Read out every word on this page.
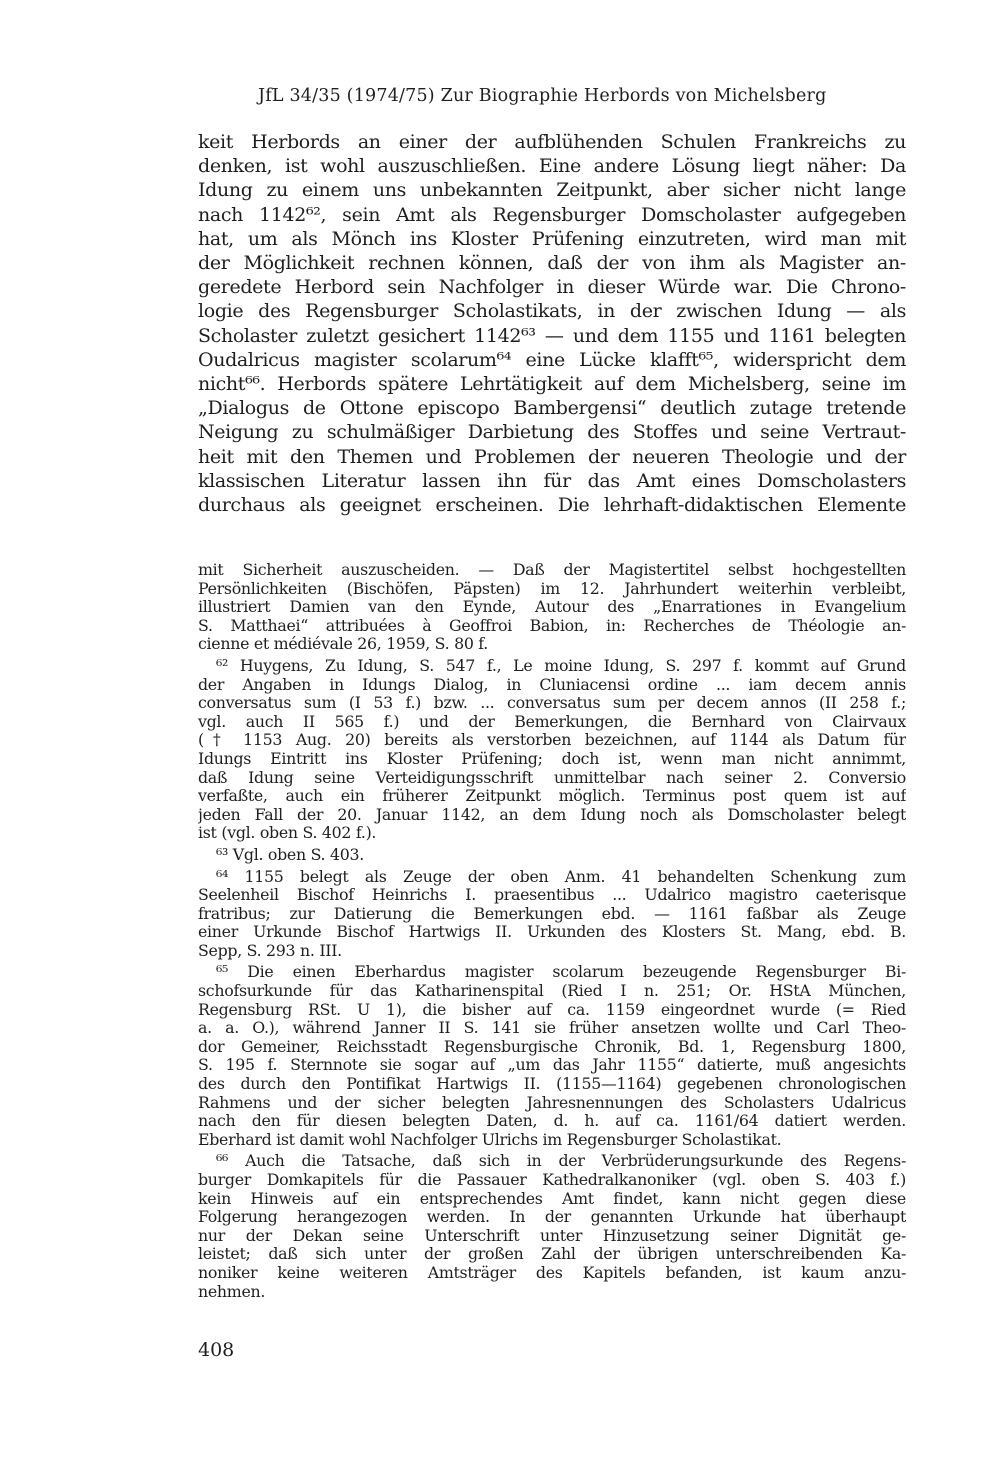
JfL 34/35 (1974/75) Zur Biographie Herbords von Michelsberg
keit Herbords an einer der aufblühenden Schulen Frankreichs zu
denken, ist wohl auszuschließen. Eine andere Lösung liegt näher: Da
Idung zu einem uns unbekannten Zeitpunkt, aber sicher nicht lange
nach 1142⁶², sein Amt als Regensburger Domscholaster aufgegeben
hat, um als Mönch ins Kloster Prüfening einzutreten, wird man mit
der Möglichkeit rechnen können, daß der von ihm als Magister an-
geredete Herbord sein Nachfolger in dieser Würde war. Die Chrono-
logie des Regensburger Scholastikats, in der zwischen Idung — als
Scholaster zuletzt gesichert 1142⁶³ — und dem 1155 und 1161 belegten
Oudalricus magister scolarum⁶⁴ eine Lücke klafft⁶⁵, widerspricht dem
nicht⁶⁶. Herbords spätere Lehrtätigkeit auf dem Michelsberg, seine im
„Dialogus de Ottone episcopo Bambergensi“ deutlich zutage tretende
Neigung zu schulmäßiger Darbietung des Stoffes und seine Vertraut-
heit mit den Themen und Problemen der neueren Theologie und der
klassischen Literatur lassen ihn für das Amt eines Domscholasters
durchaus als geeignet erscheinen. Die lehrhaft-didaktischen Elemente
mit Sicherheit auszuscheiden. — Daß der Magistertitel selbst hochgestellten
Persönlichkeiten (Bischöfen, Päpsten) im 12. Jahrhundert weiterhin verbleibt,
illustriert Damien van den Eynde, Autour des „Enarrationes in Evangelium
S. Matthaei“ attribuées à Geoffroi Babion, in: Recherches de Théologie an-
cienne et médiévale 26, 1959, S. 80 f.
⁶² Huygens, Zu Idung, S. 547 f., Le moine Idung, S. 297 f. kommt auf Grund
der Angaben in Idungs Dialog, in Cluniacensi ordine ... iam decem annis
conversatus sum (I 53 f.) bzw. ... conversatus sum per decem annos (II 258 f.;
vgl. auch II 565 f.) und der Bemerkungen, die Bernhard von Clairvaux
(† 1153 Aug. 20) bereits als verstorben bezeichnen, auf 1144 als Datum für
Idungs Eintritt ins Kloster Prüfening; doch ist, wenn man nicht annimmt,
daß Idung seine Verteidigungsschrift unmittelbar nach seiner 2. Conversio
verfaßte, auch ein früherer Zeitpunkt möglich. Terminus post quem ist auf
jeden Fall der 20. Januar 1142, an dem Idung noch als Domscholaster belegt
ist (vgl. oben S. 402 f.).
⁶³ Vgl. oben S. 403.
⁶⁴ 1155 belegt als Zeuge der oben Anm. 41 behandelten Schenkung zum
Seelenheil Bischof Heinrichs I. praesentibus ... Udalrico magistro caeterisque
fratribus; zur Datierung die Bemerkungen ebd. — 1161 faßbar als Zeuge
einer Urkunde Bischof Hartwigs II. Urkunden des Klosters St. Mang, ebd. B.
Sepp, S. 293 n. III.
⁶⁵ Die einen Eberhardus magister scolarum bezeugende Regensburger Bi-
schofsurkunde für das Katharinenspital (Ried I n. 251; Or. HStA München,
Regensburg RSt. U 1), die bisher auf ca. 1159 eingeordnet wurde (= Ried
a. a. O.), während Janner II S. 141 sie früher ansetzen wollte und Carl Theo-
dor Gemeiner, Reichsstadt Regensburgische Chronik, Bd. 1, Regensburg 1800,
S. 195 f. Sternnote sie sogar auf „um das Jahr 1155“ datierte, muß angesichts
des durch den Pontifikat Hartwigs II. (1155—1164) gegebenen chronologischen
Rahmens und der sicher belegten Jahresnennungen des Scholasters Udalricus
nach den für diesen belegten Daten, d. h. auf ca. 1161/64 datiert werden.
Eberhard ist damit wohl Nachfolger Ulrichs im Regensburger Scholastikat.
⁶⁶ Auch die Tatsache, daß sich in der Verbrüderungsurkunde des Regens-
burger Domkapitels für die Passauer Kathedralkanoniker (vgl. oben S. 403 f.)
kein Hinweis auf ein entsprechendes Amt findet, kann nicht gegen diese
Folgerung herangezogen werden. In der genannten Urkunde hat überhaupt
nur der Dekan seine Unterschrift unter Hinzusetzung seiner Dignität ge-
leistet; daß sich unter der großen Zahl der übrigen unterschreibenden Ka-
noniker keine weiteren Amtsträger des Kapitels befanden, ist kaum anzu-
nehmen.
408
